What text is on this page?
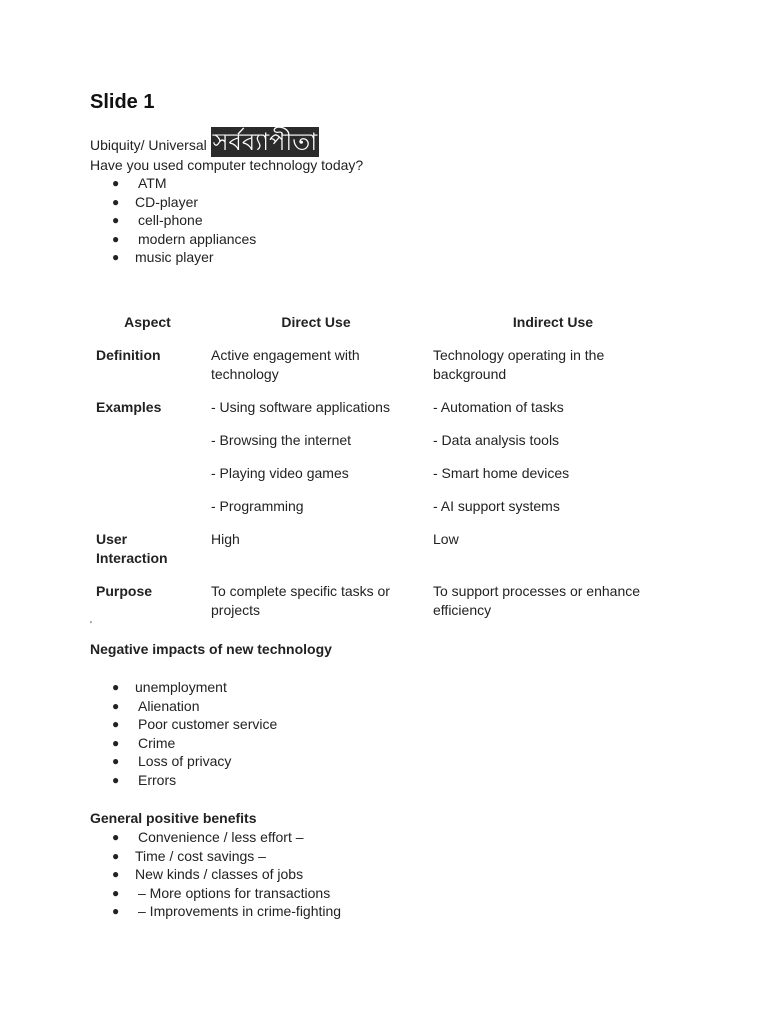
Slide 1
Ubiquity/ Universal সর্বব্যাপীতা
Have you used computer technology today?
● ATM
● CD-player
● cell-phone
● modern appliances
● music player
Aspect	Direct Use	Indirect Use
Definition	Active engagement with technology	Technology operating in the background
Examples	- Using software applications	- Automation of tasks
	- Browsing the internet	- Data analysis tools
	- Playing video games	- Smart home devices
	- Programming	- AI support systems
User Interaction	High	Low
Purpose	To complete specific tasks or projects	To support processes or enhance efficiency
'
Negative impacts of new technology
● unemployment
● Alienation
● Poor customer service
● Crime
● Loss of privacy
● Errors
General positive benefits
● Convenience / less effort –
● Time / cost savings –
● New kinds / classes of jobs
● – More options for transactions
● – Improvements in crime-fighting
